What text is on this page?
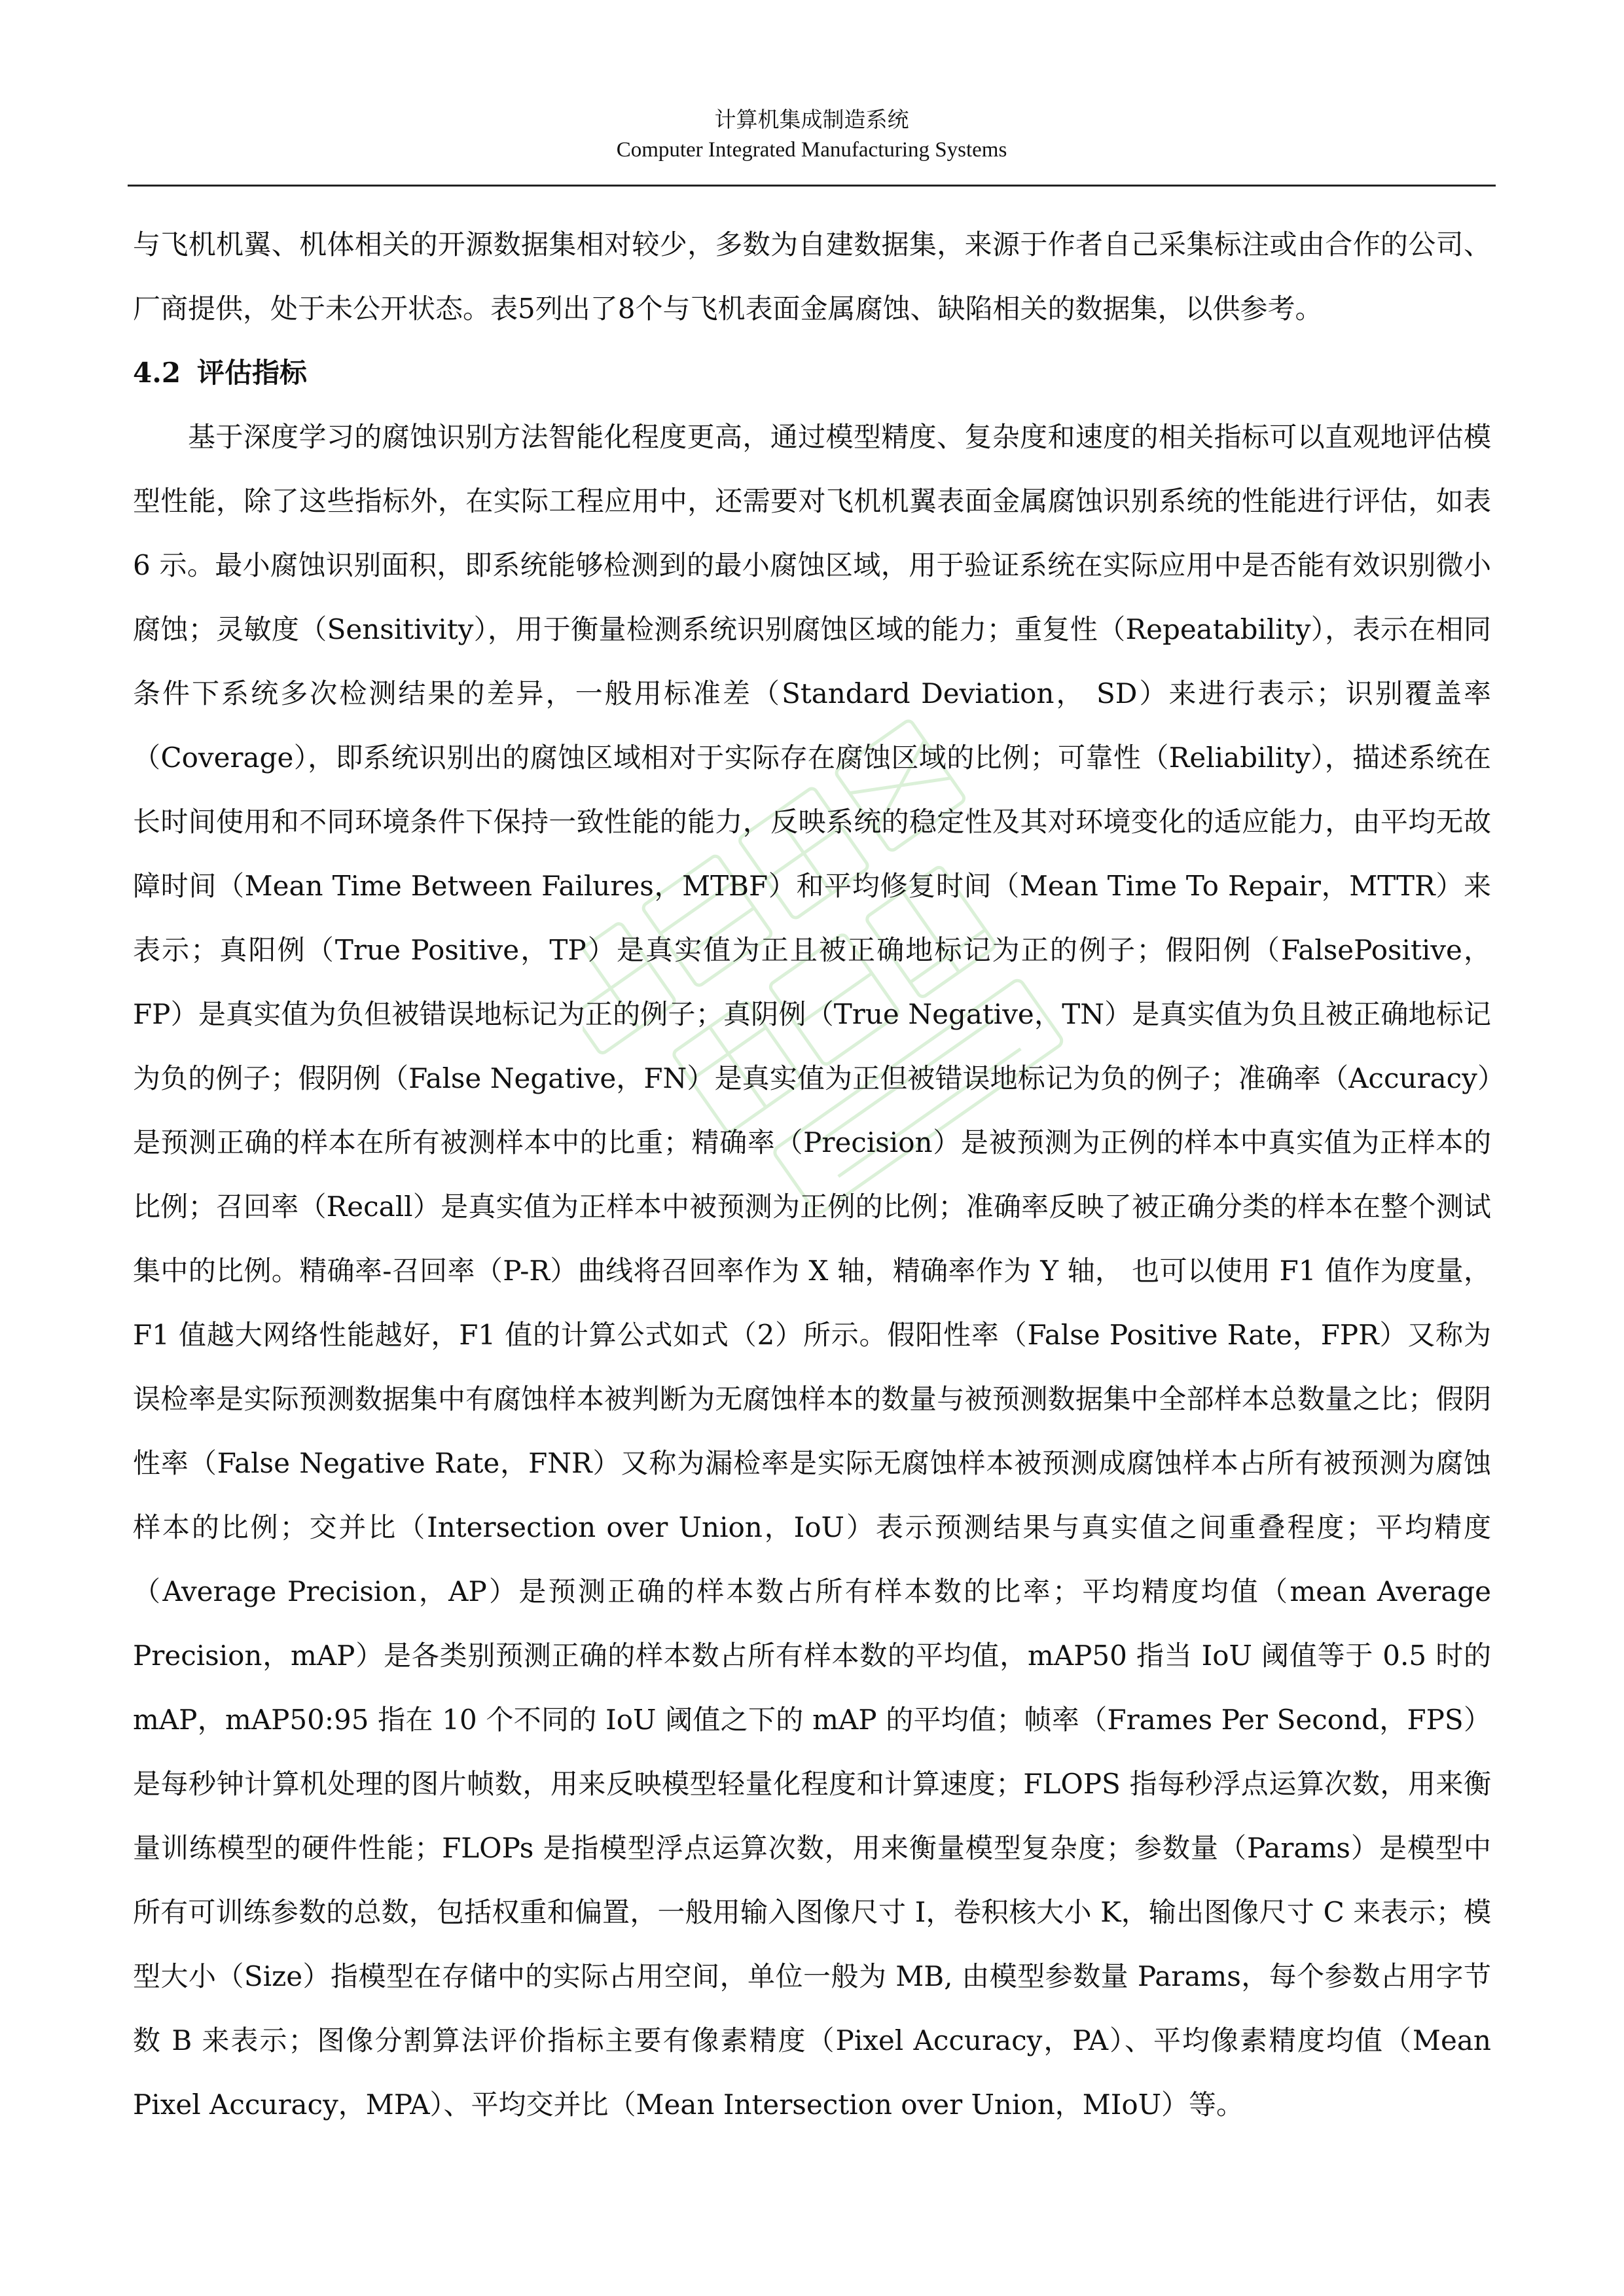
计算机集成制造系统
Computer Integrated Manufacturing Systems

与飞机机翼、机体相关的开源数据集相对较少，多数为自建数据集，来源于作者自己采集标注或由合作的公司、厂商提供，处于未公开状态。表5列出了8个与飞机表面金属腐蚀、缺陷相关的数据集，以供参考。

4.2 评估指标

基于深度学习的腐蚀识别方法智能化程度更高，通过模型精度、复杂度和速度的相关指标可以直观地评估模型性能，除了这些指标外，在实际工程应用中，还需要对飞机机翼表面金属腐蚀识别系统的性能进行评估，如表 6 示。最小腐蚀识别面积，即系统能够检测到的最小腐蚀区域，用于验证系统在实际应用中是否能有效识别微小腐蚀；灵敏度（Sensitivity），用于衡量检测系统识别腐蚀区域的能力；重复性（Repeatability），表示在相同条件下系统多次检测结果的差异，一般用标准差（Standard Deviation， SD）来进行表示；识别覆盖率（Coverage），即系统识别出的腐蚀区域相对于实际存在腐蚀区域的比例；可靠性（Reliability），描述系统在长时间使用和不同环境条件下保持一致性能的能力，反映系统的稳定性及其对环境变化的适应能力，由平均无故障时间（Mean Time Between Failures，MTBF）和平均修复时间（Mean Time To Repair，MTTR）来表示；真阳例（True Positive，TP）是真实值为正且被正确地标记为正的例子；假阳例（FalsePositive，FP）是真实值为负但被错误地标记为正的例子；真阴例（True Negative，TN）是真实值为负且被正确地标记为负的例子；假阴例（False Negative，FN）是真实值为正但被错误地标记为负的例子；准确率（Accuracy）是预测正确的样本在所有被测样本中的比重；精确率（Precision）是被预测为正例的样本中真实值为正样本的比例；召回率（Recall）是真实值为正样本中被预测为正例的比例；准确率反映了被正确分类的样本在整个测试集中的比例。精确率-召回率（P-R）曲线将召回率作为 X 轴，精确率作为 Y 轴， 也可以使用 F1 值作为度量，F1 值越大网络性能越好，F1 值的计算公式如式（2）所示。假阳性率（False Positive Rate，FPR）又称为误检率是实际预测数据集中有腐蚀样本被判断为无腐蚀样本的数量与被预测数据集中全部样本总数量之比；假阴性率（False Negative Rate，FNR）又称为漏检率是实际无腐蚀样本被预测成腐蚀样本占所有被预测为腐蚀样本的比例；交并比（Intersection over Union，IoU）表示预测结果与真实值之间重叠程度；平均精度（Average Precision，AP）是预测正确的样本数占所有样本数的比率；平均精度均值（mean Average Precision，mAP）是各类别预测正确的样本数占所有样本数的平均值，mAP50 指当 IoU 阈值等于 0.5 时的 mAP，mAP50:95 指在 10 个不同的 IoU 阈值之下的 mAP 的平均值；帧率（Frames Per Second，FPS）是每秒钟计算机处理的图片帧数，用来反映模型轻量化程度和计算速度；FLOPS 指每秒浮点运算次数，用来衡量训练模型的硬件性能；FLOPs 是指模型浮点运算次数，用来衡量模型复杂度；参数量（Params）是模型中所有可训练参数的总数，包括权重和偏置，一般用输入图像尺寸 I，卷积核大小 K，输出图像尺寸 C 来表示；模型大小（Size）指模型在存储中的实际占用空间，单位一般为 MB, 由模型参数量 Params，每个参数占用字节数 B 来表示；图像分割算法评价指标主要有像素精度（Pixel Accuracy，PA）、平均像素精度均值（Mean Pixel Accuracy，MPA）、平均交并比（Mean Intersection over Union，MIoU）等。
